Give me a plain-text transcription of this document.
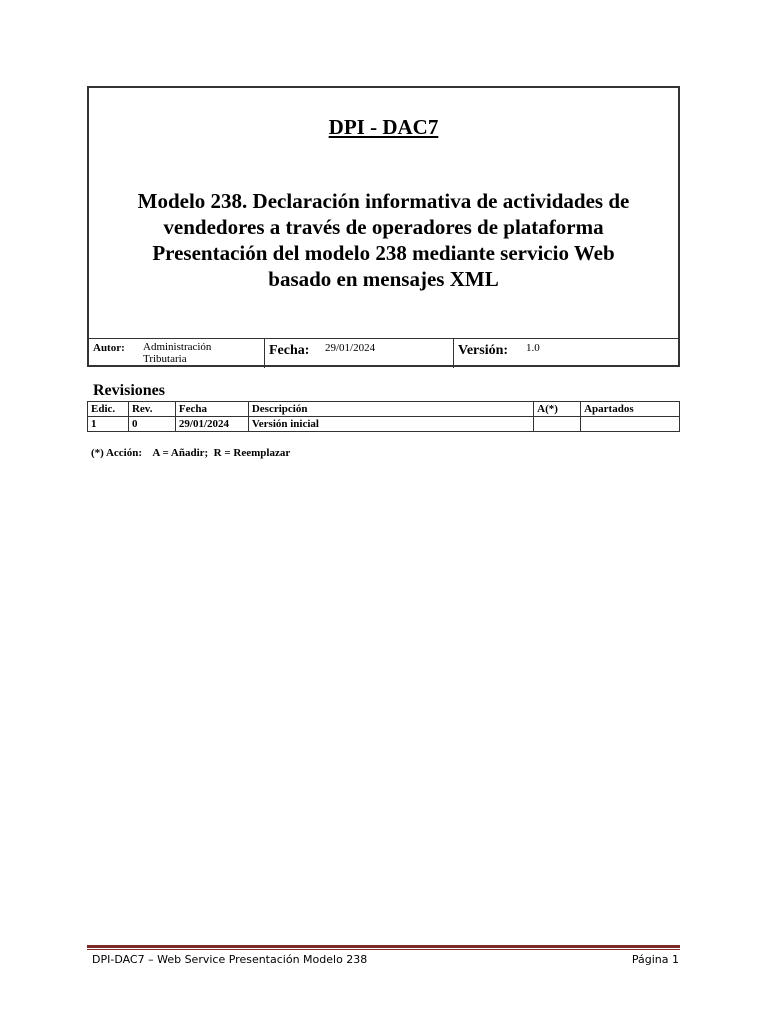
DPI - DAC7
Modelo 238. Declaración informativa de actividades de
vendedores a través de operadores de plataforma
Presentación del modelo 238 mediante servicio Web
basado en mensajes XML
Autor: Administración
Tributaria
Fecha: 29/01/2024	Versión: 1.0
Revisiones
Edic.	Rev.	Fecha	Descripción	A(*)	Apartados
1	0	29/01/2024	Versión inicial		
(*) Acción:    A = Añadir;  R = Reemplazar
DPI-DAC7 – Web Service Presentación Modelo 238	Página 1
